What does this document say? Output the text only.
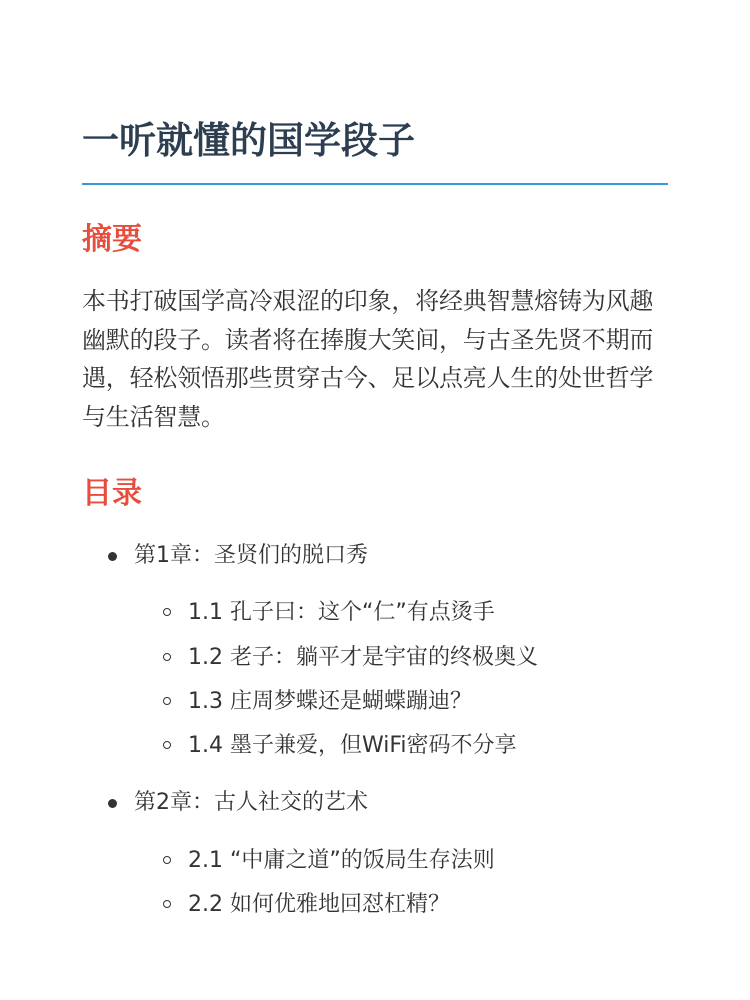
一听就懂的国学段子
摘要

本书打破国学高冷艰涩的印象，将经典智慧熔铸为风趣幽默的段子。读者将在捧腹大笑间，与古圣先贤不期而遇，轻松领悟那些贯穿古今、足以点亮人生的处世哲学与生活智慧。

目录
第1章：圣贤们的脱口秀
1.1 孔子曰：这个“仁”有点烫手
1.2 老子：躺平才是宇宙的终极奥义
1.3 庄周梦蝶还是蝴蝶蹦迪？
1.4 墨子兼爱，但WiFi密码不分享
第2章：古人社交的艺术
2.1 “中庸之道”的饭局生存法则
2.2 如何优雅地回怼杠精？
